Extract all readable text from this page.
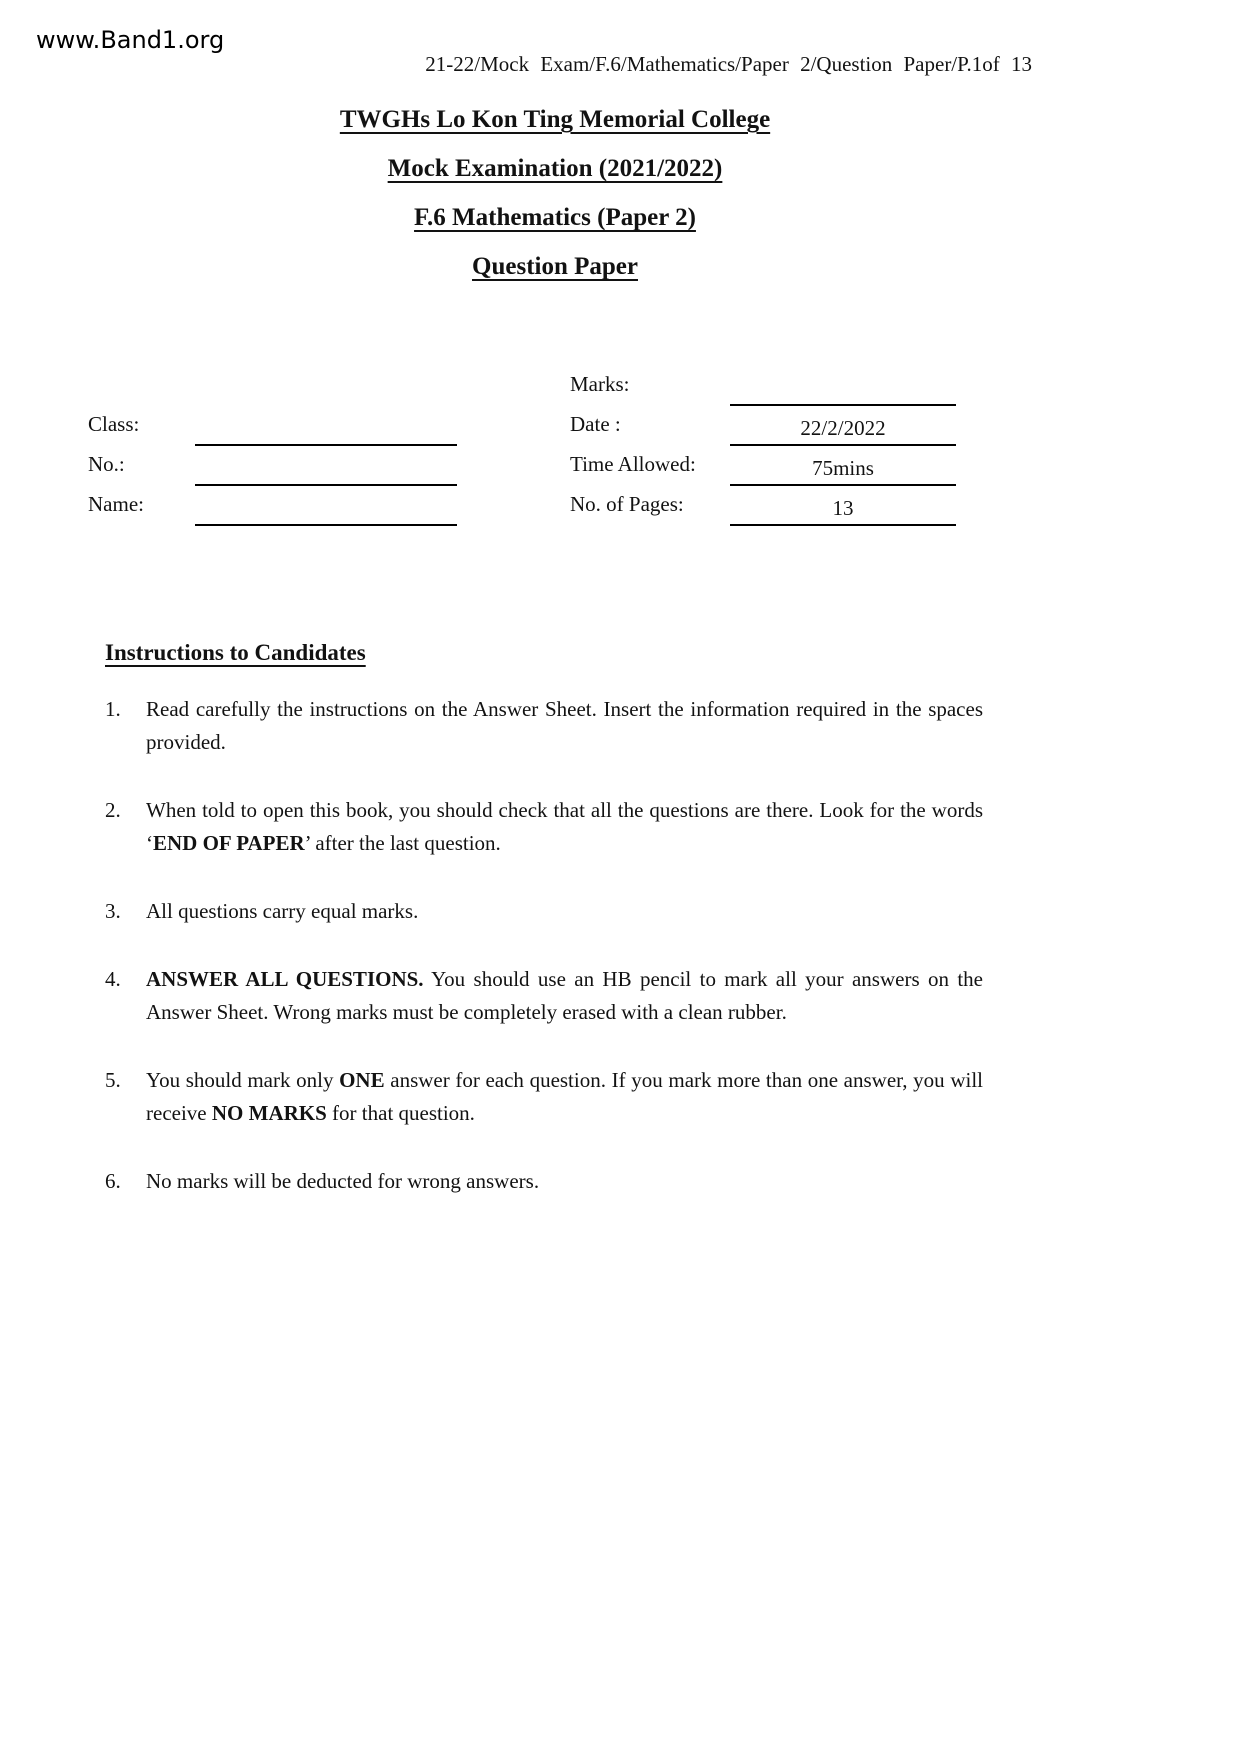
www.Band1.org
21-22/Mock Exam/F.6/Mathematics/Paper 2/Question Paper/P.1of 13
TWGHs Lo Kon Ting Memorial College
Mock Examination (2021/2022)
F.6 Mathematics (Paper 2)
Question Paper
Class:
No.:
Name:
Marks:
Date :	22/2/2022
Time Allowed:	75mins
No. of Pages:	13
Instructions to Candidates
1.	Read carefully the instructions on the Answer Sheet. Insert the information required in the spaces provided.
2.	When told to open this book, you should check that all the questions are there. Look for the words ‘END OF PAPER’ after the last question.
3.	All questions carry equal marks.
4.	ANSWER ALL QUESTIONS. You should use an HB pencil to mark all your answers on the Answer Sheet. Wrong marks must be completely erased with a clean rubber.
5.	You should mark only ONE answer for each question. If you mark more than one answer, you will receive NO MARKS for that question.
6.	No marks will be deducted for wrong answers.
